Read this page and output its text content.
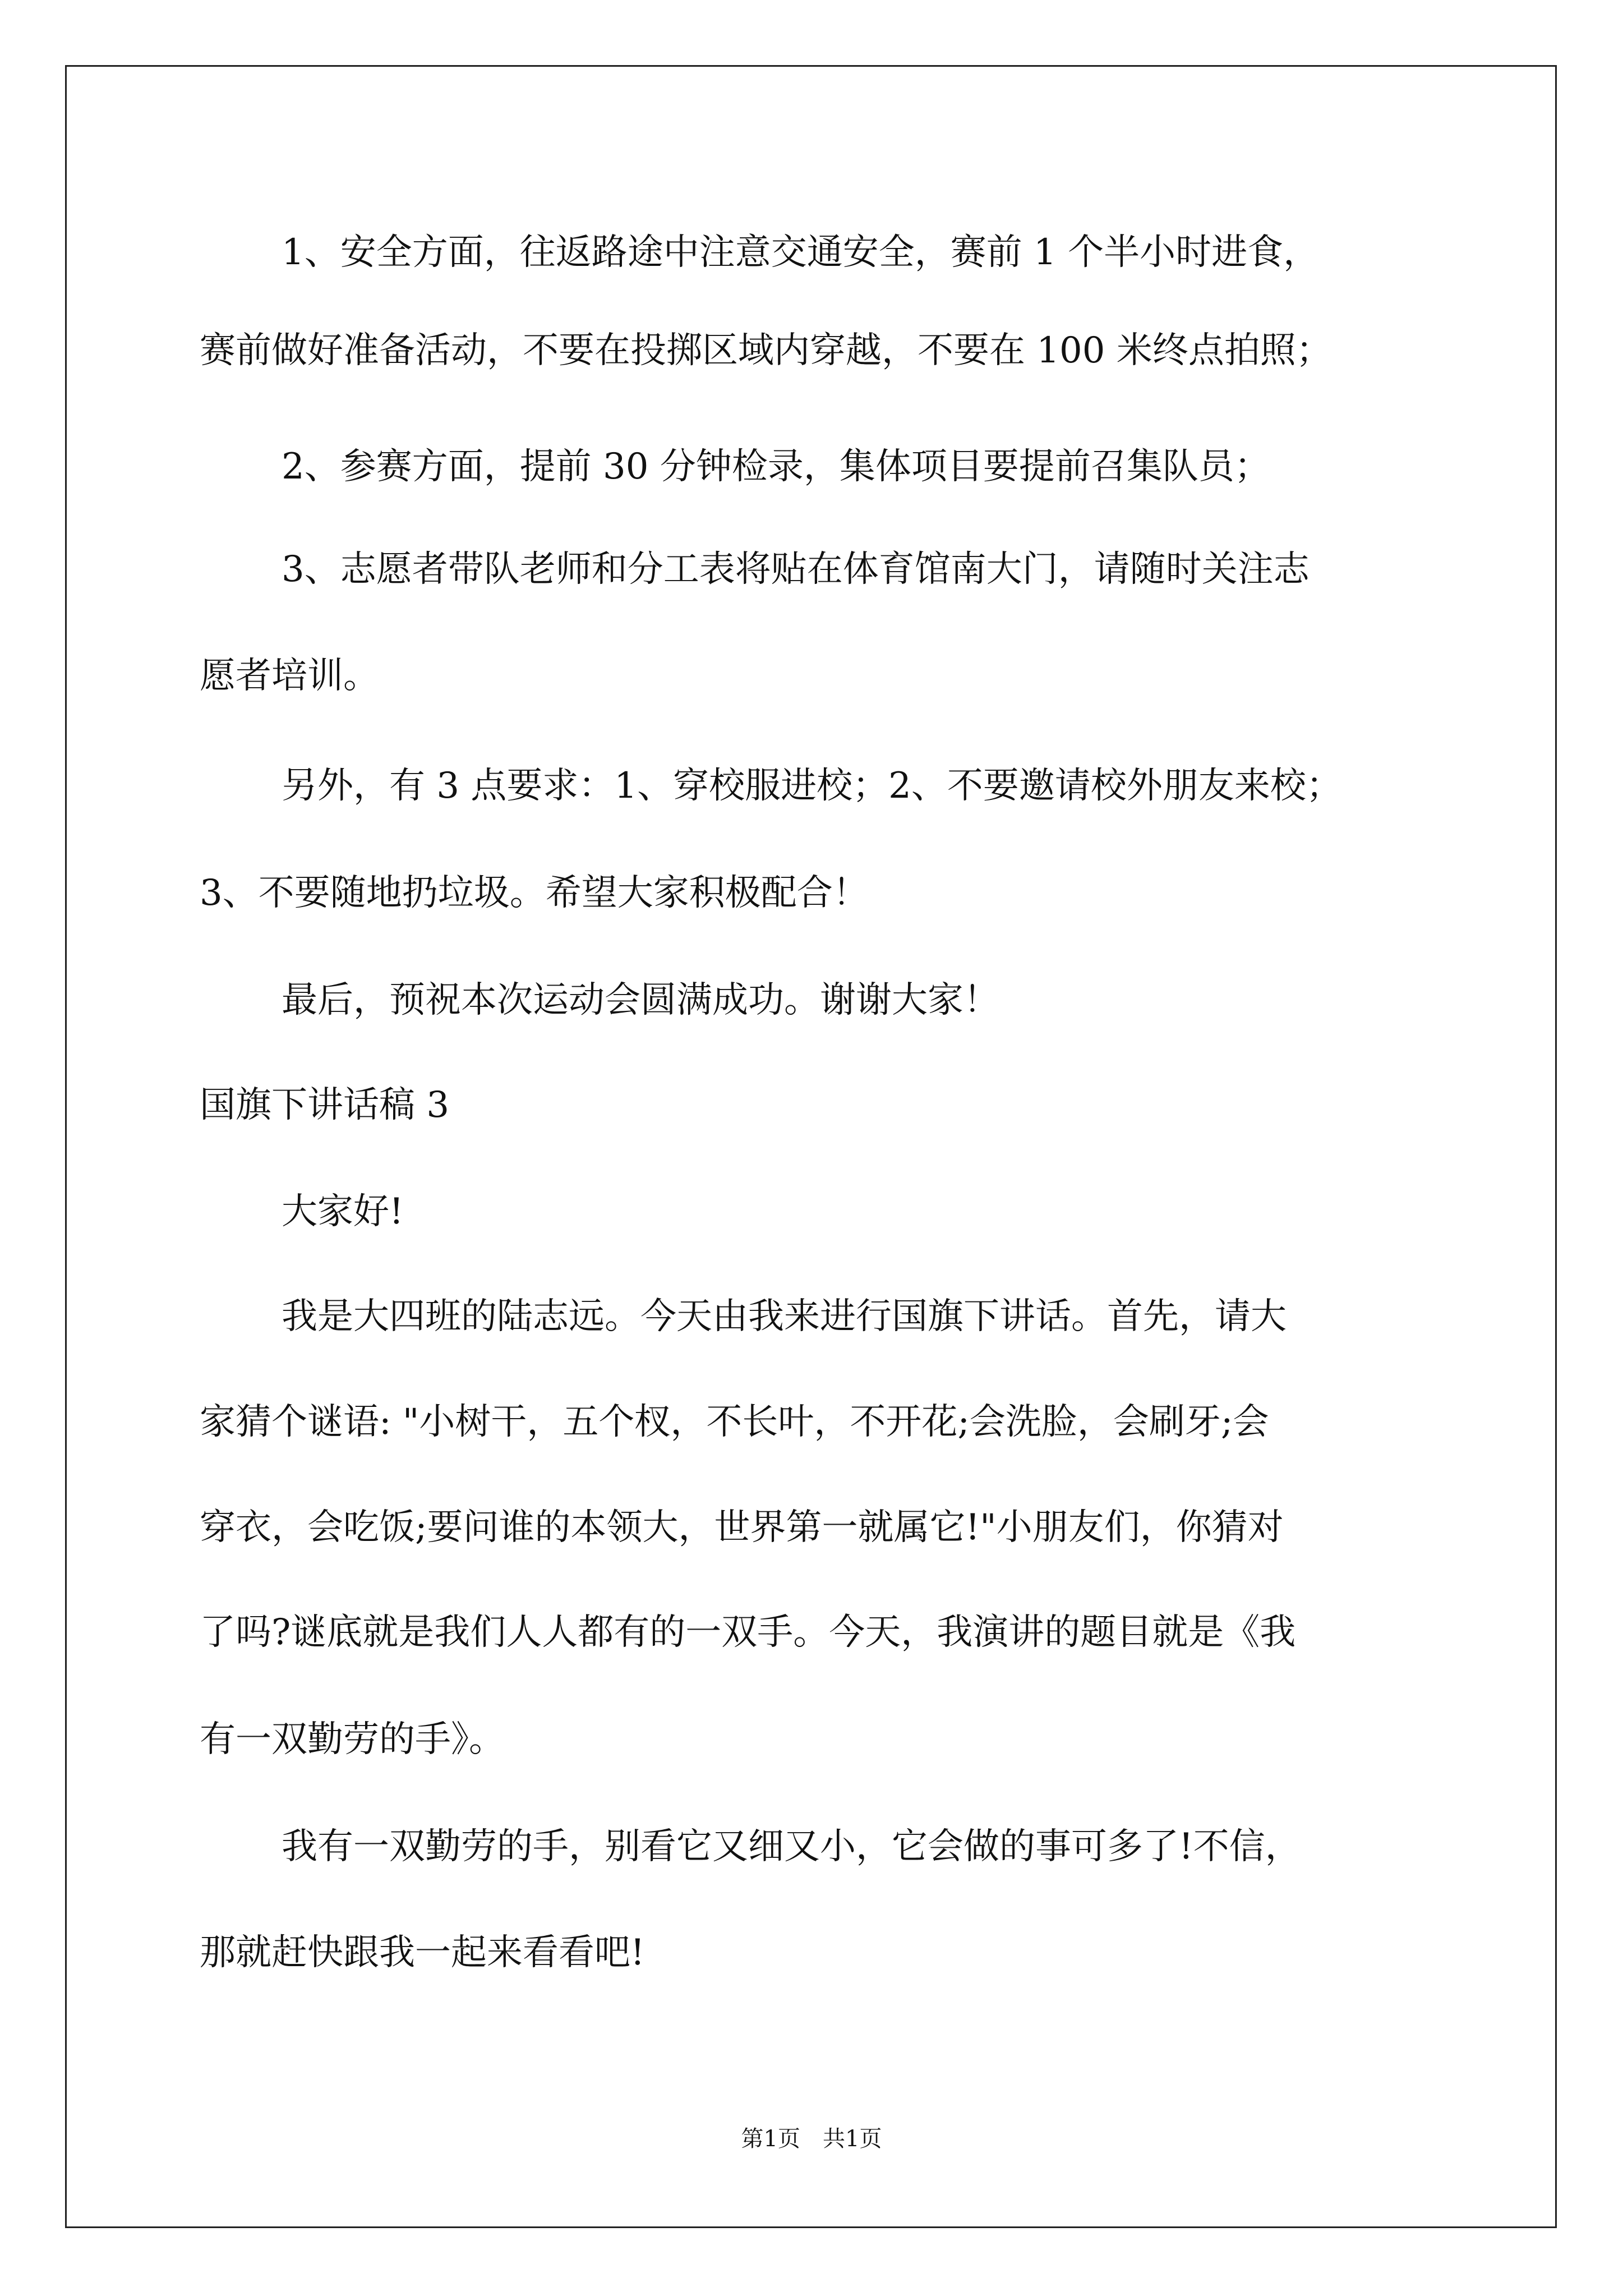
1、安全方面，往返路途中注意交通安全，赛前 1 个半小时进食，
赛前做好准备活动，不要在投掷区域内穿越，不要在 100 米终点拍照；
2、参赛方面，提前 30 分钟检录，集体项目要提前召集队员；
3、志愿者带队老师和分工表将贴在体育馆南大门，请随时关注志
愿者培训。
另外，有 3 点要求：1、穿校服进校；2、不要邀请校外朋友来校；
3、不要随地扔垃圾。希望大家积极配合！
最后，预祝本次运动会圆满成功。谢谢大家！
国旗下讲话稿 3
大家好!
我是大四班的陆志远。今天由我来进行国旗下讲话。首先，请大
家猜个谜语: "小树干，五个杈，不长叶，不开花;会洗脸，会刷牙;会
穿衣，会吃饭;要问谁的本领大，世界第一就属它!"小朋友们，你猜对
了吗?谜底就是我们人人都有的一双手。今天，我演讲的题目就是《我
有一双勤劳的手》。
我有一双勤劳的手，别看它又细又小，它会做的事可多了!不信，
那就赶快跟我一起来看看吧!
第1页　共1页
